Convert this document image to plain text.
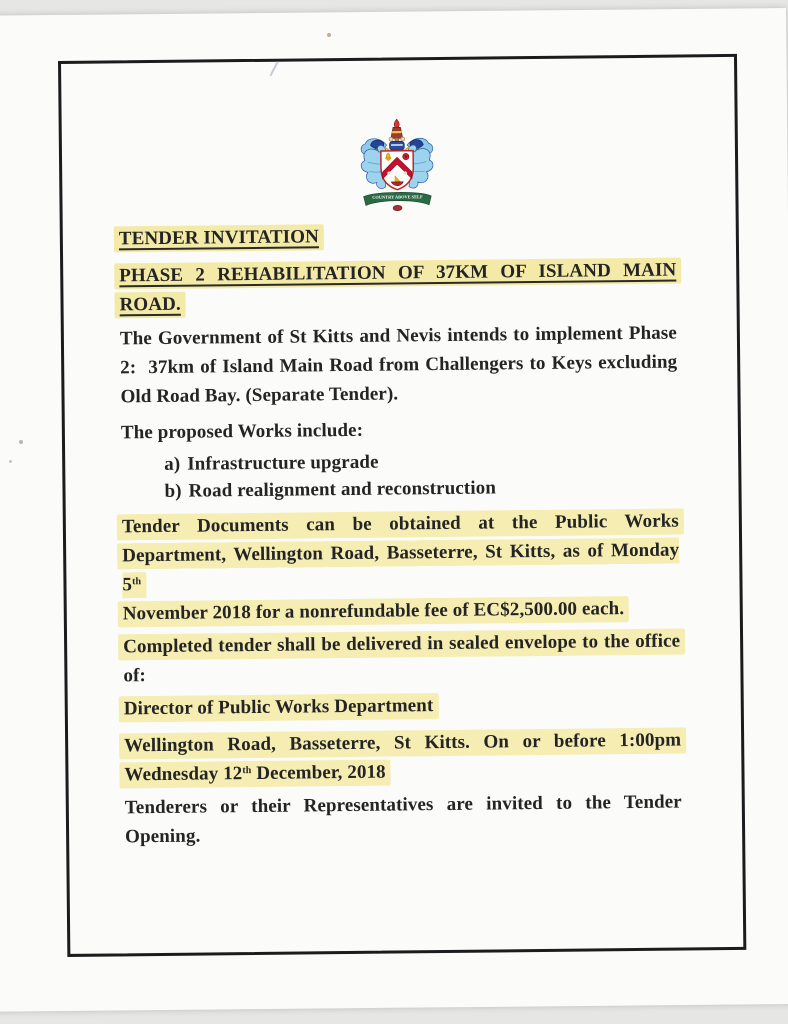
COUNTRY ABOVE SELF
TENDER INVITATION
PHASE 2 REHABILITATION OF 37KM OF ISLAND MAIN
ROAD.
The Government of St Kitts and Nevis intends to implement Phase
2:  37km of Island Main Road from Challengers to Keys excluding
Old Road Bay. (Separate Tender).
The proposed Works include:
a) Infrastructure upgrade
b) Road realignment and reconstruction
Tender Documents can be obtained at the Public Works
Department, Wellington Road, Basseterre, St Kitts, as of Monday 5th
November 2018 for a nonrefundable fee of EC$2,500.00 each.
Completed tender shall be delivered in sealed envelope to the office
of:
Director of Public Works Department
Wellington Road, Basseterre, St Kitts. On or before 1:00pm
Wednesday 12th December, 2018
Tenderers or their Representatives are invited to the Tender
Opening.
